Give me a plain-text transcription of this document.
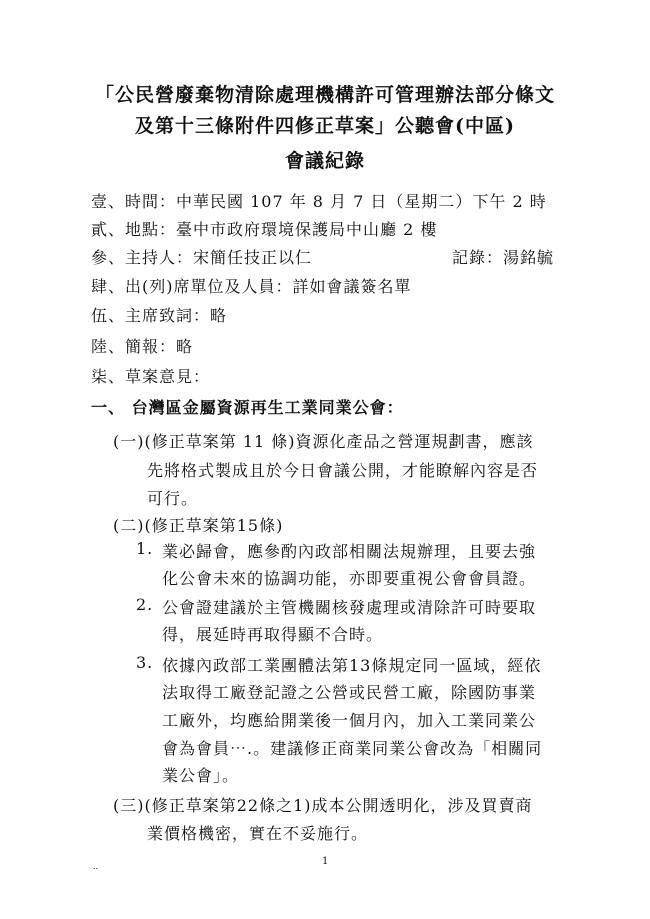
「公民營廢棄物清除處理機構許可管理辦法部分條文
及第十三條附件四修正草案」公聽會(中區)
會議紀錄
壹、時間：中華民國 107 年 8 月 7 日（星期二）下午 2 時
貳、地點：臺中市政府環境保護局中山廳 2 樓
參、主持人：宋簡任技正以仁	記錄：湯銘毓
肆、出(列)席單位及人員：詳如會議簽名單
伍、主席致詞：略
陸、簡報：略
柒、草案意見：
一、 台灣區金屬資源再生工業同業公會：
(一)(修正草案第 11 條)資源化產品之營運規劃書，應該
先將格式製成且於今日會議公開，才能瞭解內容是否
可行。
(二)(修正草案第15條)
1. 業必歸會，應參酌內政部相關法規辦理，且要去強
化公會未來的協調功能，亦即要重視公會會員證。
2. 公會證建議於主管機關核發處理或清除許可時要取
得，展延時再取得顯不合時。
3. 依據內政部工業團體法第13條規定同一區域，經依
法取得工廠登記證之公營或民營工廠，除國防事業
工廠外，均應給開業後一個月內，加入工業同業公
會為會員⋯.。建議修正商業同業公會改為「相關同
業公會」。
(三)(修正草案第22條之1)成本公開透明化，涉及買賣商
業價格機密，實在不妥施行。
..	1
